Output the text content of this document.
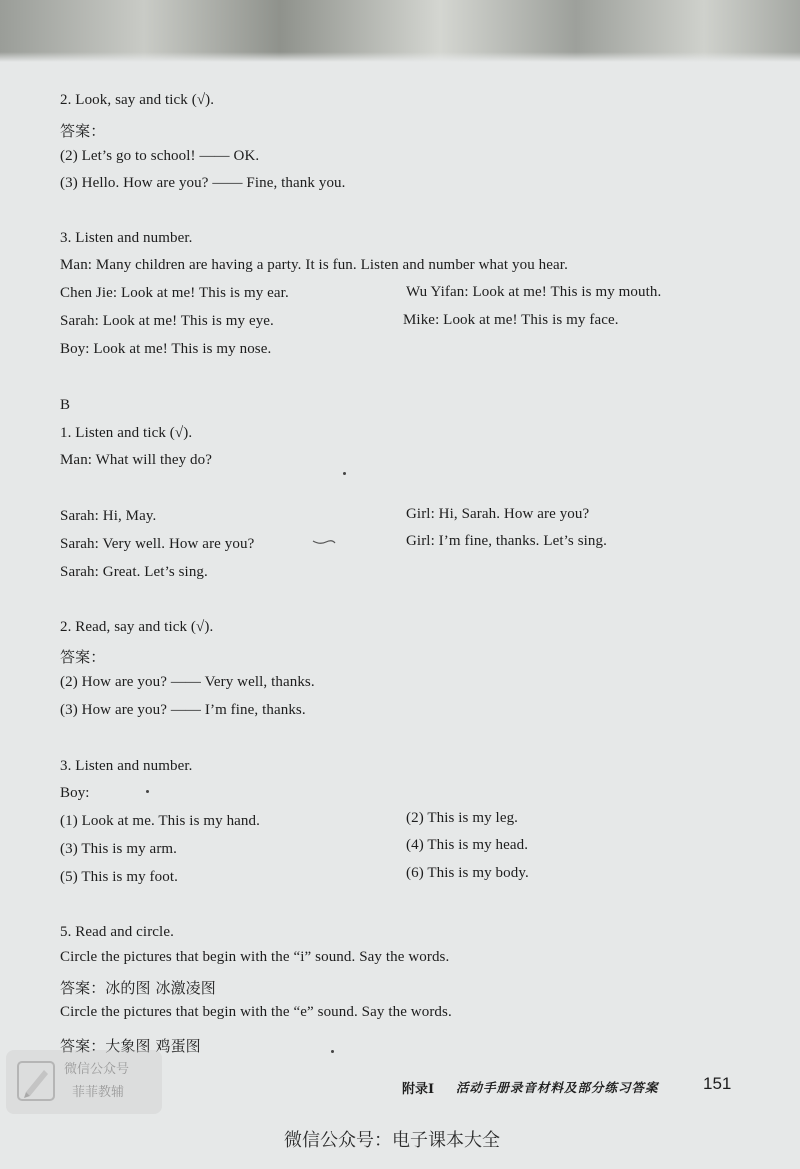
2. Look, say and tick (√).
答案：
(2) Let’s go to school! —— OK.
(3) Hello. How are you? —— Fine, thank you.
3. Listen and number.
Man: Many children are having a party. It is fun. Listen and number what you hear.
Chen Jie: Look at me! This is my ear.
Sarah: Look at me! This is my eye.
Boy: Look at me! This is my nose.
Wu Yifan: Look at me! This is my mouth.
Mike: Look at me! This is my face.
B
1. Listen and tick (√).
Man: What will they do?
Sarah: Hi, May.
Sarah: Very well. How are you?
Sarah: Great. Let’s sing.
Girl: Hi, Sarah. How are you?
Girl: I’m fine, thanks. Let’s sing.
2. Read, say and tick (√).
答案：
(2) How are you? —— Very well, thanks.
(3) How are you? —— I’m fine, thanks.
3. Listen and number.
Boy:
(1) Look at me. This is my hand.
(3) This is my arm.
(5) This is my foot.
(2) This is my leg.
(4) This is my head.
(6) This is my body.
5. Read and circle.
Circle the pictures that begin with the “i” sound. Say the words.
答案：冰的图 冰激凌图
Circle the pictures that begin with the “e” sound. Say the words.
答案：大象图 鸡蛋图
微信公众号
菲菲教辅	附录I 活动手册录音材料及部分练习答案	151
微信公众号：电子课本大全
